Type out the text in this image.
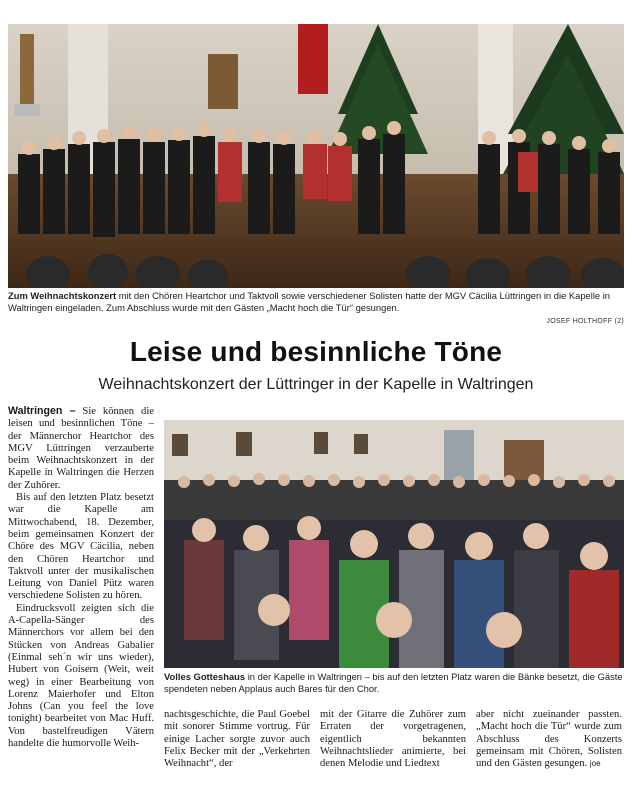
Zum Weihnachtskonzert mit den Chören Heartchor und Taktvoll sowie verschiedener Solisten hatte der MGV Cäcilia Lüttringen in die Kapelle in Waltringen eingeladen. Zum Abschluss wurde mit den Gästen „Macht hoch die Tür“ gesungen.
JOSEF HOLTHOFF (2)
Leise und besinnliche Töne
Weihnachtskonzert der Lüttringer in der Kapelle in Waltringen

Waltringen – Sie können die leisen und besinnlichen Töne – der Männerchor Heartchor des MGV Lüttringen verzauberte beim Weihnachtskonzert in der Kapelle in Waltringen die Herzen der Zuhörer.

Bis auf den letzten Platz besetzt war die Kapelle am Mittwochabend, 18. Dezember, beim gemeinsamen Konzert der Chöre des MGV Cäcilia, neben den Chören Heartchor und Taktvoll unter der musikalischen Leitung von Daniel Pütz waren verschiedene Solisten zu hören.

Eindrucksvoll zeigten sich die A-Capella-Sänger des Männerchors vor allem bei den Stücken von Andreas Gabalier (Einmal seh´n wir uns wieder), Hubert von Goisern (Weit, weit weg) in einer Bearbeitung von Lorenz Maierhofer und Elton Johns (Can you feel the love tonight) bearbeitet von Mac Huff. Von bastelfreudigen Vätern handelte die humorvolle Weih-

Volles Gotteshaus in der Kapelle in Waltringen – bis auf den letzten Platz waren die Bänke besetzt, die Gäste spendeten neben Applaus auch Bares für den Chor.

nachtsgeschichte, die Paul Goebel mit sonorer Stimme vortrug. Für einige Lacher sorgte zuvor auch Felix Becker mit der „Verkehrten Weihnacht“, der

mit der Gitarre die Zuhörer zum Erraten der vorgetragenen, eigentlich bekannten Weihnachtslieder animierte, bei denen Melodie und Liedtext

aber nicht zueinander passten. „Macht hoch die Tür“ wurde zum Abschluss des Konzerts gemeinsam mit Chören, Solisten und den Gästen gesungen. joe
